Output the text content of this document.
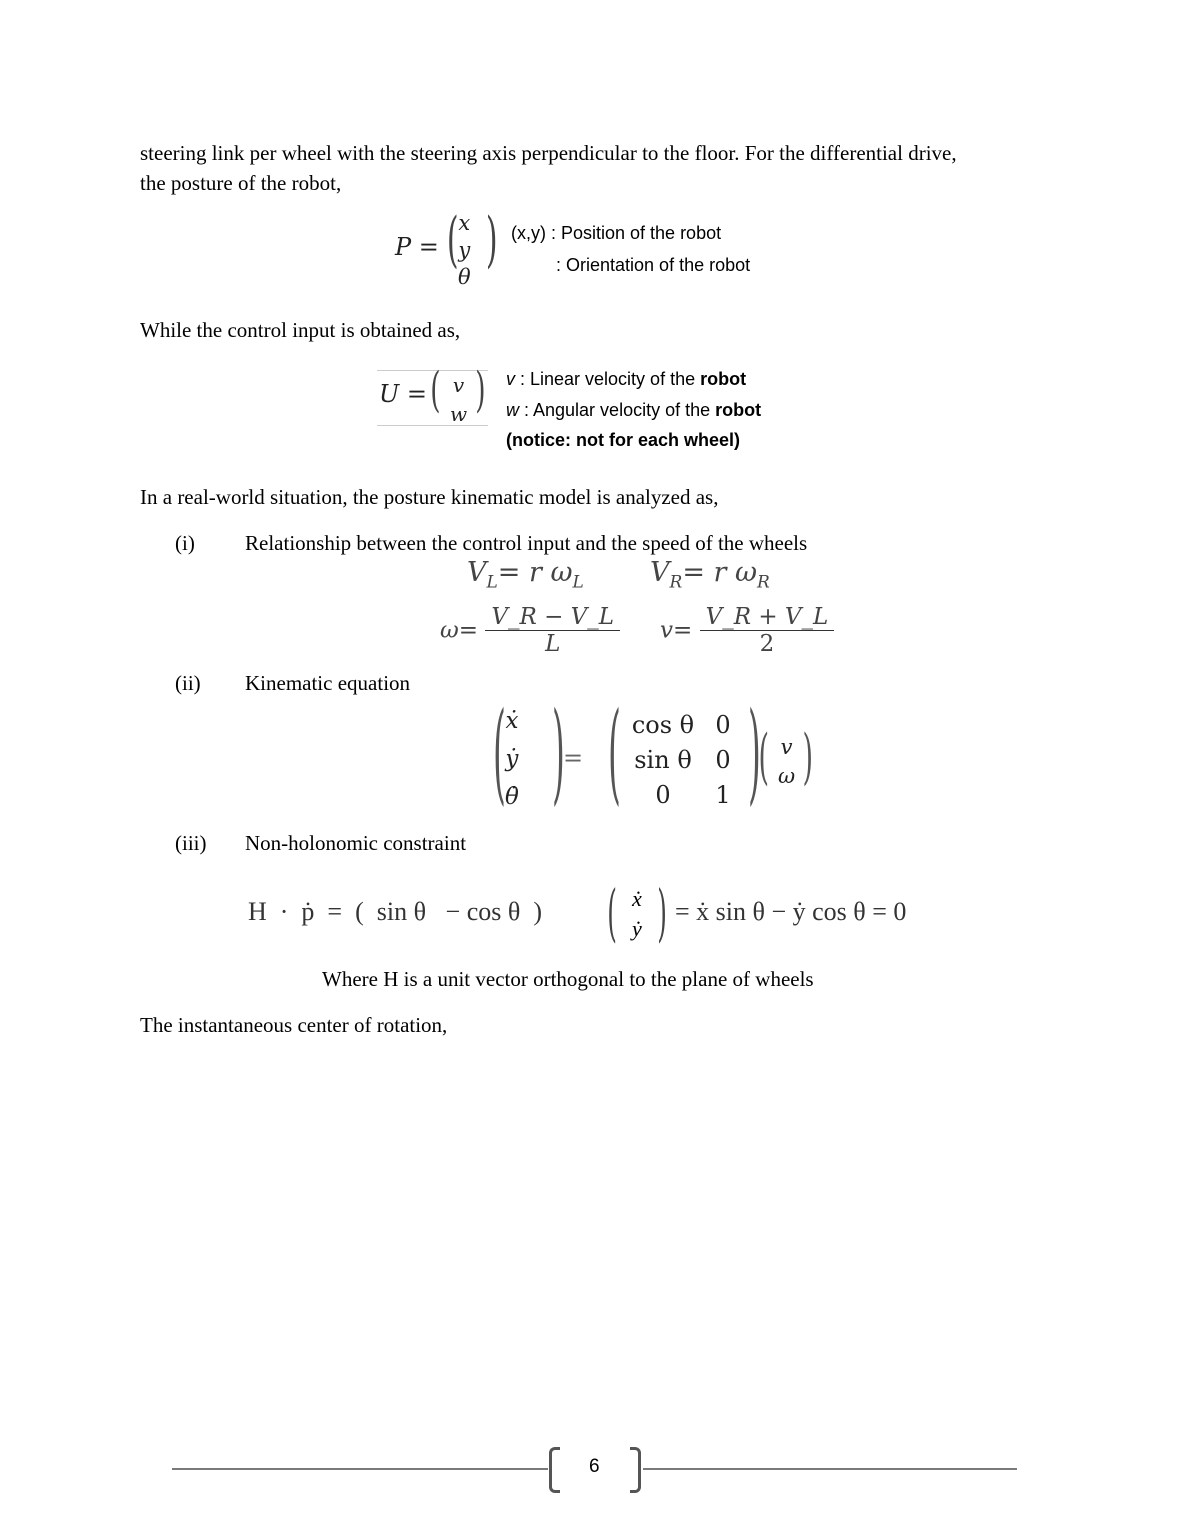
steering link per wheel with the steering axis perpendicular to the floor. For the differential drive,
the posture of the robot,
P = ( x
y
θ
) (x,y) : Position of the robot
: Orientation of the robot
While the control input is obtained as,
U = ( v
w ) v : Linear velocity of the robot
w : Angular velocity of the robot
(notice: not for each wheel)
In a real-world situation, the posture kinematic model is analyzed as,
(i) Relationship between the control input and the speed of the wheels
$V_L= r$ $\omega_L$ $V_R= r$ $\omega_R$
$\omega= \frac{V\_R - V\_L}{L} v= \frac{V\_R + V\_L}{2}$
(ii) Kinematic equation
( ẋ
ẏ
θ̇ )
= ( cos θ 0
sin θ 0
0	1 )
( v
ω )
(iii) Non-holonomic constraint
H  ·  ṗ  =  (  sin θ   − cos θ  ) ( ẋ
ẏ ) = ẋ sin θ − ẏ cos θ = 0
Where H is a unit vector orthogonal to the plane of wheels
The instantaneous center of rotation,
6
